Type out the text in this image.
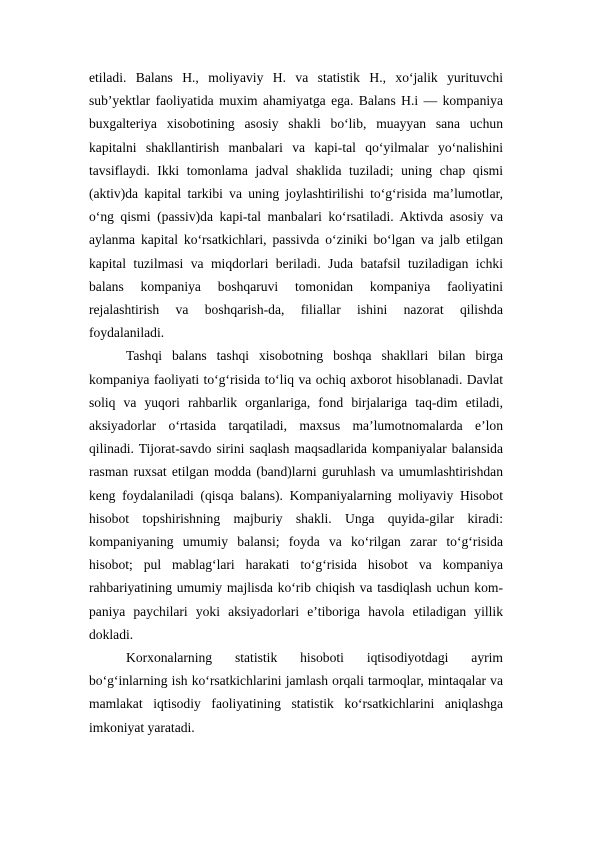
etiladi. Balans H., moliyaviy H. va statistik H., xoʻjalik yurituvchi subʼyektlar faoliyatida muxim ahamiyatga ega. Balans H.i — kompaniya buxgalteriya xisobotining asosiy shakli boʻlib, muayyan sana uchun kapitalni shakllantirish manbalari va kapi-tal qoʻyilmalar yoʻnalishini tavsiflaydi. Ikki tomonlama jadval shaklida tuziladi; uning chap qismi (aktiv)da kapital tarkibi va uning joylashtirilishi toʻgʻrisida maʼlumotlar, oʻng qismi (passiv)da kapi-tal manbalari koʻrsatiladi. Aktivda asosiy va aylanma kapital koʻrsatkichlari, passivda oʻziniki boʻlgan va jalb etilgan kapital tuzilmasi va miqdorlari beriladi. Juda batafsil tuziladigan ichki balans kompaniya boshqaruvi tomonidan kompaniya faoliyatini rejalashtirish va boshqarish-da, filiallar ishini nazorat qilishda foydalaniladi.

Tashqi balans tashqi xisobotning boshqa shakllari bilan birga kompaniya faoliyati toʻgʻrisida toʻliq va ochiq axborot hisoblanadi. Davlat soliq va yuqori rahbarlik organlariga, fond birjalariga taq-dim etiladi, aksiyadorlar oʻrtasida tarqatiladi, maxsus maʼlumotnomalarda eʼlon qilinadi. Tijorat-savdo sirini saqlash maqsadlarida kompaniyalar balansida rasman ruxsat etilgan modda (band)larni guruhlash va umumlashtirishdan keng foydalaniladi (qisqa balans). Kompaniyalarning moliyaviy Hisobot hisobot topshirishning majburiy shakli. Unga quyida-gilar kiradi: kompaniyaning umumiy balansi; foyda va koʻrilgan zarar toʻgʻrisida hisobot; pul mablagʻlari harakati toʻgʻrisida hisobot va kompaniya rahbariyatining umumiy majlisda koʻrib chiqish va tasdiqlash uchun kom-paniya paychilari yoki aksiyadorlari eʼtiboriga havola etiladigan yillik dokladi.

Korxonalarning statistik hisoboti iqtisodiyotdagi ayrim boʻgʻinlarning ish koʻrsatkichlarini jamlash orqali tarmoqlar, mintaqalar va mamlakat iqtisodiy faoliyatining statistik koʻrsatkichlarini aniqlashga imkoniyat yaratadi.
